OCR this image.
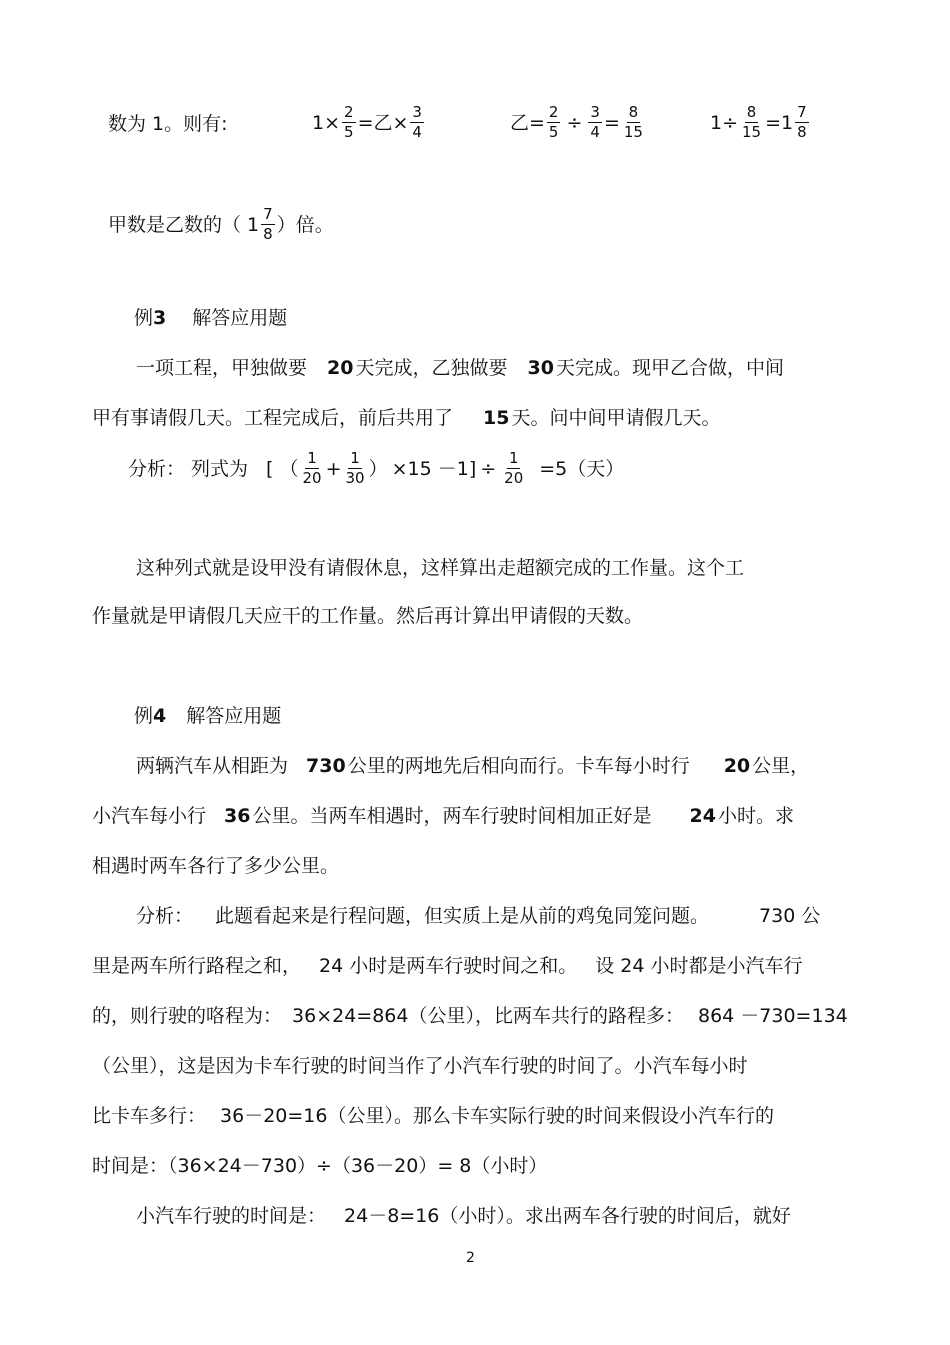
数为 1。则有:	$1\times \frac{2}{5}$ =乙× $\frac{3}{4}$	乙= $\frac{2}{5} \div \frac{3}{4} = \frac{8}{15}$	$1\div \frac{8}{15} =1 \frac{7}{8}$
甲数是乙数的（ $1 \frac{7}{8}$ ）倍。
例3 解答应用题
一项工程，甲独做要 20 天完成，乙独做要 30 天完成。现甲乙合做，中间
甲有事请假几天。工程完成后，前后共用了 15 天。问中间甲请假几天。
分析： 列式为 [ （ $\frac{1}{20} + \frac{1}{30}$ ） $\times 15 -1] \div \frac{1}{20} =5$（天）
这种列式就是设甲没有请假休息，这样算出走超额完成的工作量。这个工
作量就是甲请假几天应干的工作量。然后再计算出甲请假的天数。
例4 解答应用题
两辆汽车从相距为 730 公里的两地先后相向而行。卡车每小时行 20 公里，
小汽车每小行 36 公里。当两车相遇时，两车行驶时间相加正好是 24 小时。求
相遇时两车各行了多少公里。
分析： 此题看起来是行程问题，但实质上是从前的鸡兔同笼问题。	730 公
里是两车所行路程之和， 24 小时是两车行驶时间之和。 设 24 小时都是小汽车行
的，则行驶的咯程为： 36×24=864（公里），比两车共行的路程多： 864 －730=134
（公里），这是因为卡车行驶的时间当作了小汽车行驶的时间了。小汽车每小时
比卡车多行： 36－20=16（公里）。那么卡车实际行驶的时间来假设小汽车行的
时间是：（36×24－730）÷（36－20）= 8（小时）
小汽车行驶的时间是： 24－8=16（小时）。求出两车各行驶的时间后，就好
2
